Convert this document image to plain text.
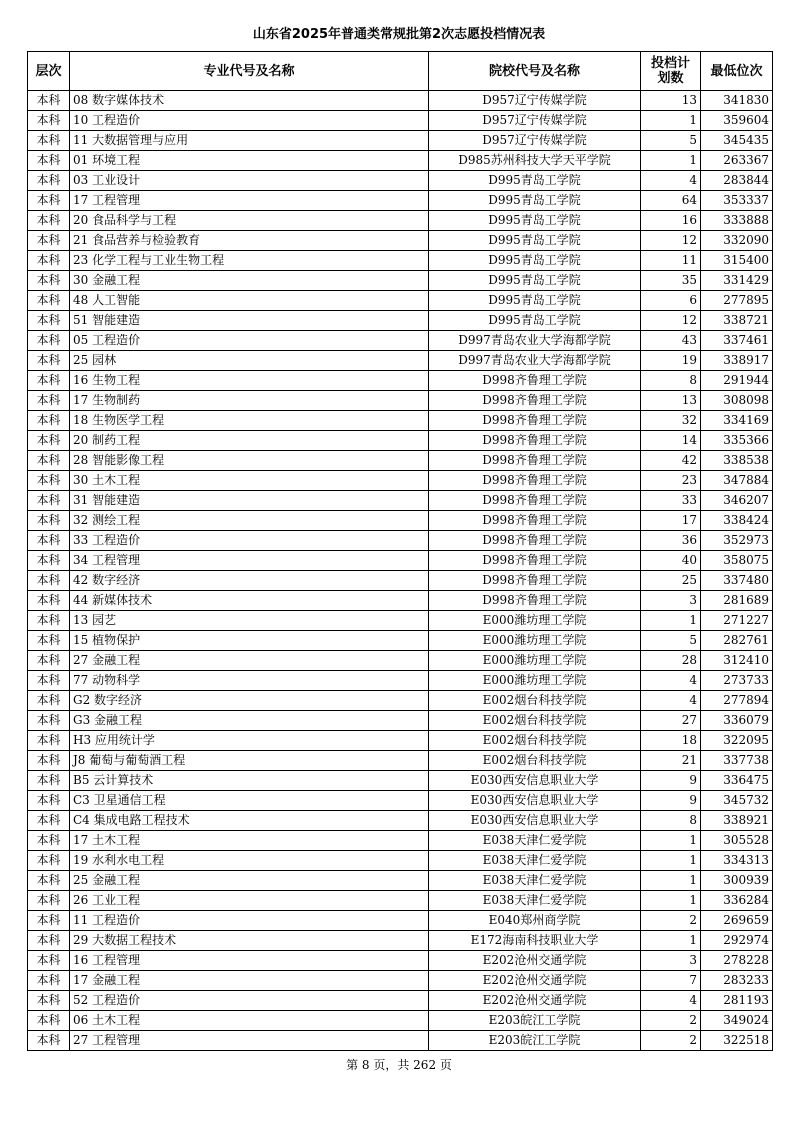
山东省2025年普通类常规批第2次志愿投档情况表
层次	专业代号及名称	院校代号及名称	投档计划数	最低位次
本科	08 数字媒体技术	D957辽宁传媒学院	13	341830
本科	10 工程造价	D957辽宁传媒学院	1	359604
本科	11 大数据管理与应用	D957辽宁传媒学院	5	345435
本科	01 环境工程	D985苏州科技大学天平学院	1	263367
本科	03 工业设计	D995青岛工学院	4	283844
本科	17 工程管理	D995青岛工学院	64	353337
本科	20 食品科学与工程	D995青岛工学院	16	333888
本科	21 食品营养与检验教育	D995青岛工学院	12	332090
本科	23 化学工程与工业生物工程	D995青岛工学院	11	315400
本科	30 金融工程	D995青岛工学院	35	331429
本科	48 人工智能	D995青岛工学院	6	277895
本科	51 智能建造	D995青岛工学院	12	338721
本科	05 工程造价	D997青岛农业大学海都学院	43	337461
本科	25 园林	D997青岛农业大学海都学院	19	338917
本科	16 生物工程	D998齐鲁理工学院	8	291944
本科	17 生物制药	D998齐鲁理工学院	13	308098
本科	18 生物医学工程	D998齐鲁理工学院	32	334169
本科	20 制药工程	D998齐鲁理工学院	14	335366
本科	28 智能影像工程	D998齐鲁理工学院	42	338538
本科	30 土木工程	D998齐鲁理工学院	23	347884
本科	31 智能建造	D998齐鲁理工学院	33	346207
本科	32 测绘工程	D998齐鲁理工学院	17	338424
本科	33 工程造价	D998齐鲁理工学院	36	352973
本科	34 工程管理	D998齐鲁理工学院	40	358075
本科	42 数字经济	D998齐鲁理工学院	25	337480
本科	44 新媒体技术	D998齐鲁理工学院	3	281689
本科	13 园艺	E000潍坊理工学院	1	271227
本科	15 植物保护	E000潍坊理工学院	5	282761
本科	27 金融工程	E000潍坊理工学院	28	312410
本科	77 动物科学	E000潍坊理工学院	4	273733
本科	G2 数字经济	E002烟台科技学院	4	277894
本科	G3 金融工程	E002烟台科技学院	27	336079
本科	H3 应用统计学	E002烟台科技学院	18	322095
本科	J8 葡萄与葡萄酒工程	E002烟台科技学院	21	337738
本科	B5 云计算技术	E030西安信息职业大学	9	336475
本科	C3 卫星通信工程	E030西安信息职业大学	9	345732
本科	C4 集成电路工程技术	E030西安信息职业大学	8	338921
本科	17 土木工程	E038天津仁爱学院	1	305528
本科	19 水利水电工程	E038天津仁爱学院	1	334313
本科	25 金融工程	E038天津仁爱学院	1	300939
本科	26 工业工程	E038天津仁爱学院	1	336284
本科	11 工程造价	E040郑州商学院	2	269659
本科	29 大数据工程技术	E172海南科技职业大学	1	292974
本科	16 工程管理	E202沧州交通学院	3	278228
本科	17 金融工程	E202沧州交通学院	7	283233
本科	52 工程造价	E202沧州交通学院	4	281193
本科	06 土木工程	E203皖江工学院	2	349024
本科	27 工程管理	E203皖江工学院	2	322518
第 8 页，共 262 页
